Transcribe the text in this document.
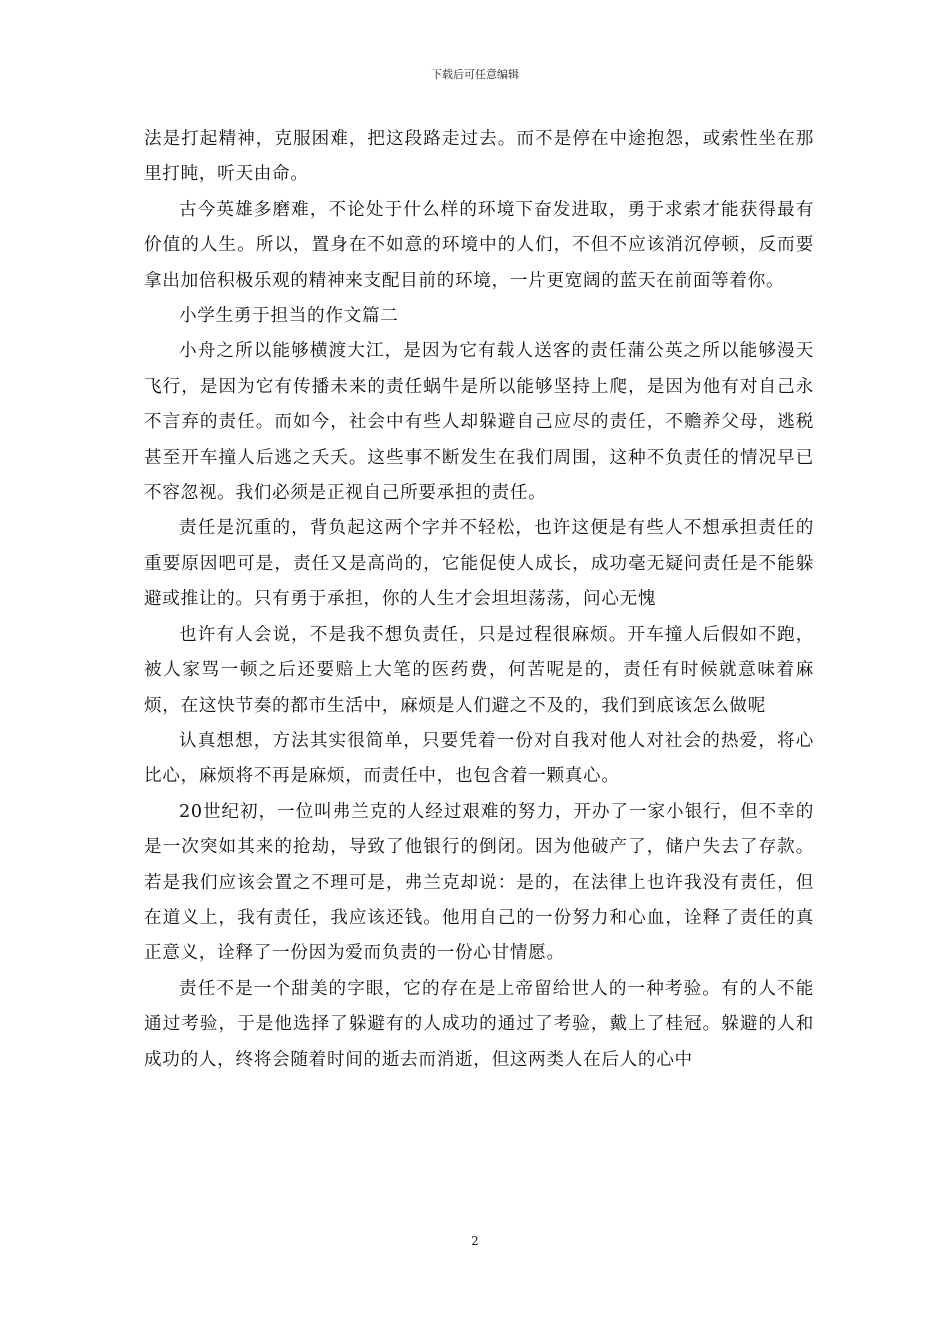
下载后可任意编辑

法是打起精神，克服困难，把这段路走过去。而不是停在中途抱怨，或索性坐在那里打盹，听天由命。

古今英雄多磨难，不论处于什么样的环境下奋发进取，勇于求索才能获得最有价值的人生。所以，置身在不如意的环境中的人们，不但不应该消沉停顿，反而要拿出加倍积极乐观的精神来支配目前的环境，一片更宽阔的蓝天在前面等着你。

小学生勇于担当的作文篇二

小舟之所以能够横渡大江，是因为它有载人送客的责任蒲公英之所以能够漫天飞行，是因为它有传播未来的责任蜗牛是所以能够坚持上爬，是因为他有对自己永不言弃的责任。而如今，社会中有些人却躲避自己应尽的责任，不赡养父母，逃税甚至开车撞人后逃之夭夭。这些事不断发生在我们周围，这种不负责任的情况早已不容忽视。我们必须是正视自己所要承担的责任。

责任是沉重的，背负起这两个字并不轻松，也许这便是有些人不想承担责任的重要原因吧可是，责任又是高尚的，它能促使人成长，成功毫无疑问责任是不能躲避或推让的。只有勇于承担，你的人生才会坦坦荡荡，问心无愧

也许有人会说，不是我不想负责任，只是过程很麻烦。开车撞人后假如不跑，被人家骂一顿之后还要赔上大笔的医药费，何苦呢是的，责任有时候就意味着麻烦，在这快节奏的都市生活中，麻烦是人们避之不及的，我们到底该怎么做呢

认真想想，方法其实很简单，只要凭着一份对自我对他人对社会的热爱，将心比心，麻烦将不再是麻烦，而责任中，也包含着一颗真心。

20世纪初，一位叫弗兰克的人经过艰难的努力，开办了一家小银行，但不幸的是一次突如其来的抢劫，导致了他银行的倒闭。因为他破产了，储户失去了存款。若是我们应该会置之不理可是，弗兰克却说：是的，在法律上也许我没有责任，但在道义上，我有责任，我应该还钱。他用自己的一份努力和心血，诠释了责任的真正意义，诠释了一份因为爱而负责的一份心甘情愿。

责任不是一个甜美的字眼，它的存在是上帝留给世人的一种考验。有的人不能通过考验，于是他选择了躲避有的人成功的通过了考验，戴上了桂冠。躲避的人和成功的人，终将会随着时间的逝去而消逝，但这两类人在后人的心中

2
